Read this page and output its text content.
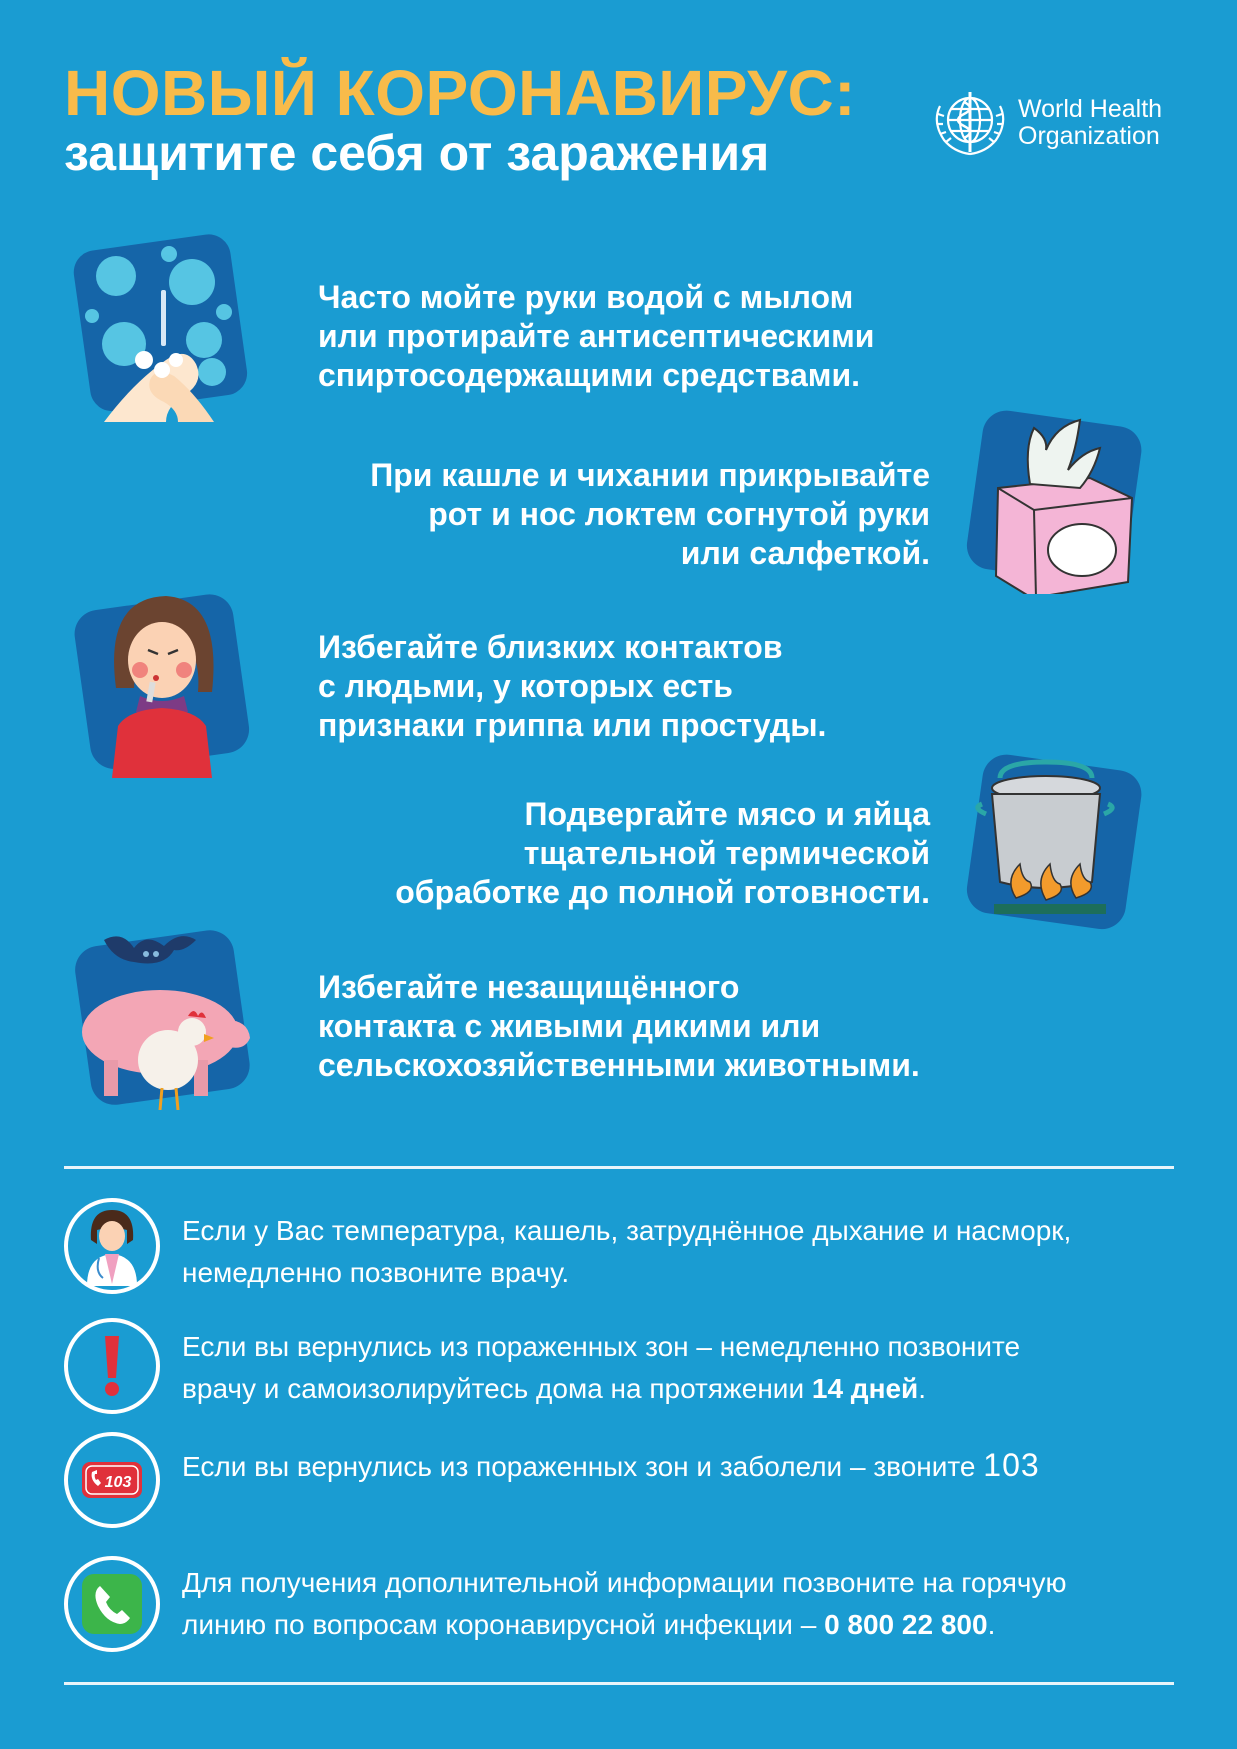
НОВЫЙ КОРОНАВИРУС:
защитите себя от заражения
World Health
Organization
Часто мойте руки водой с мылом
или протирайте антисептическими
спиртосодержащими средствами.
При кашле и чихании прикрывайте
рот и нос локтем согнутой руки
или салфеткой.
Избегайте близких контактов
с людьми, у которых есть
признаки гриппа или простуды.
Подвергайте мясо и яйца
тщательной термической
обработке до полной готовности.
Избегайте незащищённого
контакта с живыми дикими или
сельскохозяйственными животными.
Если у Вас температура, кашель, затруднённое дыхание и насморк,
немедленно позвоните врачу.
Если вы вернулись из пораженных зон – немедленно позвоните
врачу и самоизолируйтесь дома на протяжении 14 дней.
103
Если вы вернулись из пораженных зон и заболели – звоните 103
Для получения дополнительной информации позвоните на горячую
линию по вопросам коронавирусной инфекции – 0 800 22 800.
